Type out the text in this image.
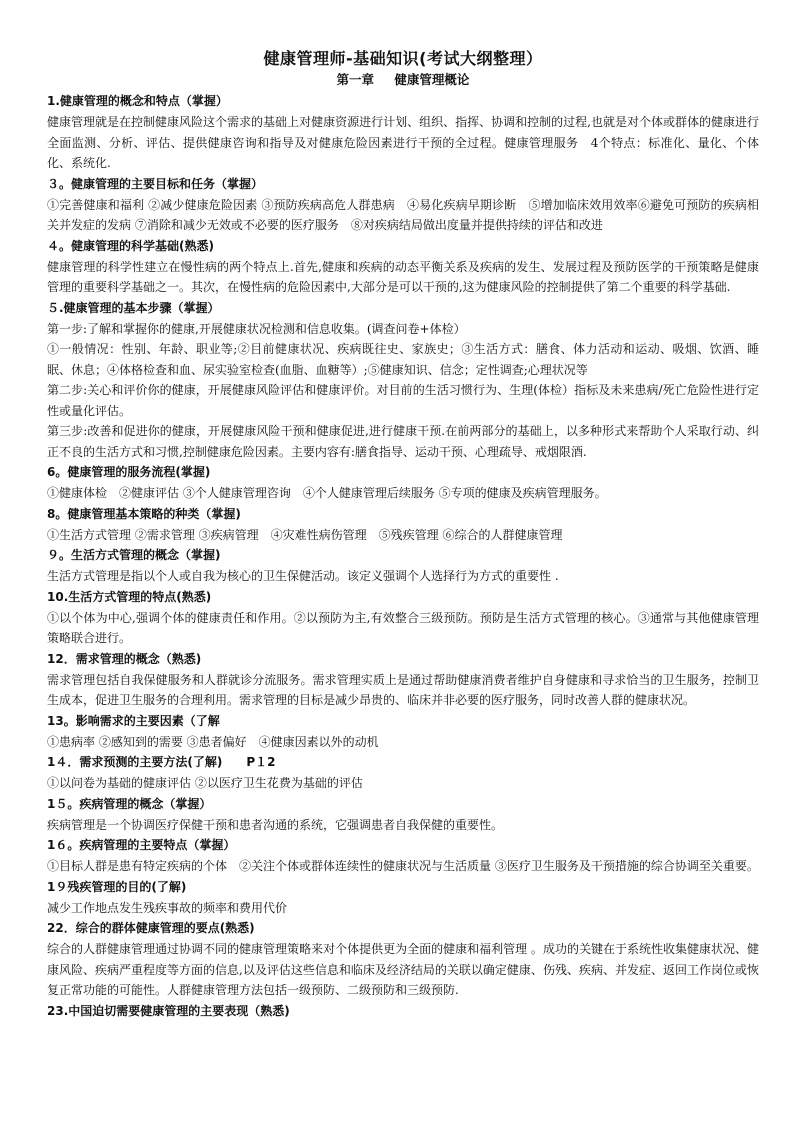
健康管理师-基础知识(考试大纲整理）
第一章 健康管理概论
1.健康管理的概念和特点（掌握）
健康管理就是在控制健康风险这个需求的基础上对健康资源进行计划、组织、指挥、协调和控制的过程,也就是对个体或群体的健康进行全面监测、分析、评估、提供健康咨询和指导及对健康危险因素进行干预的全过程。健康管理服务　4个特点：标准化、量化、个体化、系统化.
３。健康管理的主要目标和任务（掌握）
①完善健康和福利 ②减少健康危险因素 ③预防疾病高危人群患病　④易化疾病早期诊断　⑤增加临床效用效率⑥避免可预防的疾病相关并发症的发病 ⑦消除和减少无效或不必要的医疗服务　⑧对疾病结局做出度量并提供持续的评估和改进
４。健康管理的科学基础(熟悉)
健康管理的科学性建立在慢性病的两个特点上.首先,健康和疾病的动态平衡关系及疾病的发生、发展过程及预防医学的干预策略是健康管理的重要科学基础之一。其次，在慢性病的危险因素中,大部分是可以干预的,这为健康风险的控制提供了第二个重要的科学基础.
５.健康管理的基本步骤（掌握）
第一步:了解和掌握你的健康,开展健康状况检测和信息收集。(调查问卷+体检）
①一般情况：性别、年龄、职业等;②目前健康状况、疾病既往史、家族史；③生活方式：膳食、体力活动和运动、吸烟、饮酒、睡眠、休息；④体格检查和血、尿实验室检查(血脂、血糖等）;⑤健康知识、信念；定性调查;心理状况等
第二步:关心和评价你的健康，开展健康风险评估和健康评价。对目前的生活习惯行为、生理(体检）指标及未来患病/死亡危险性进行定性或量化评估。
第三步:改善和促进你的健康，开展健康风险干预和健康促进,进行健康干预.在前两部分的基础上，以多种形式来帮助个人采取行动、纠正不良的生活方式和习惯,控制健康危险因素。主要内容有:膳食指导、运动干预、心理疏导、戒烟限酒.
6。健康管理的服务流程(掌握)
①健康体检　②健康评估 ③个人健康管理咨询　④个人健康管理后续服务 ⑤专项的健康及疾病管理服务。
8。健康管理基本策略的种类（掌握)
①生活方式管理 ②需求管理 ③疾病管理　④灾难性病伤管理　⑤残疾管理 ⑥综合的人群健康管理
９。生活方式管理的概念（掌握)
生活方式管理是指以个人或自我为核心的卫生保健活动。该定义强调个人选择行为方式的重要性 .
10.生活方式管理的特点(熟悉)
①以个体为中心,强调个体的健康责任和作用。②以预防为主,有效整合三级预防。预防是生活方式管理的核心。③通常与其他健康管理策略联合进行。
12．需求管理的概念（熟悉)
需求管理包括自我保健服务和人群就诊分流服务。需求管理实质上是通过帮助健康消费者维护自身健康和寻求恰当的卫生服务，控制卫生成本，促进卫生服务的合理利用。需求管理的目标是减少昂贵的、临床并非必要的医疗服务，同时改善人群的健康状况。
13。影响需求的主要因素（了解
①患病率 ②感知到的需要 ③患者偏好　④健康因素以外的动机
1４．需求预测的主要方法(了解)　　P１2
①以问卷为基础的健康评估 ②以医疗卫生花费为基础的评估
1５。疾病管理的概念（掌握）
疾病管理是一个协调医疗保健干预和患者沟通的系统，它强调患者自我保健的重要性。
1６。疾病管理的主要特点（掌握）
①目标人群是患有特定疾病的个体　②关注个体或群体连续性的健康状况与生活质量 ③医疗卫生服务及干预措施的综合协调至关重要。
1９残疾管理的目的(了解)
减少工作地点发生残疾事故的频率和费用代价
22．综合的群体健康管理的要点(熟悉)
综合的人群健康管理通过协调不同的健康管理策略来对个体提供更为全面的健康和福利管理 。成功的关键在于系统性收集健康状况、健康风险、疾病严重程度等方面的信息,以及评估这些信息和临床及经济结局的关联以确定健康、伤残、疾病、并发症、返回工作岗位或恢复正常功能的可能性。人群健康管理方法包括一级预防、二级预防和三级预防.
23.中国迫切需要健康管理的主要表现（熟悉)
